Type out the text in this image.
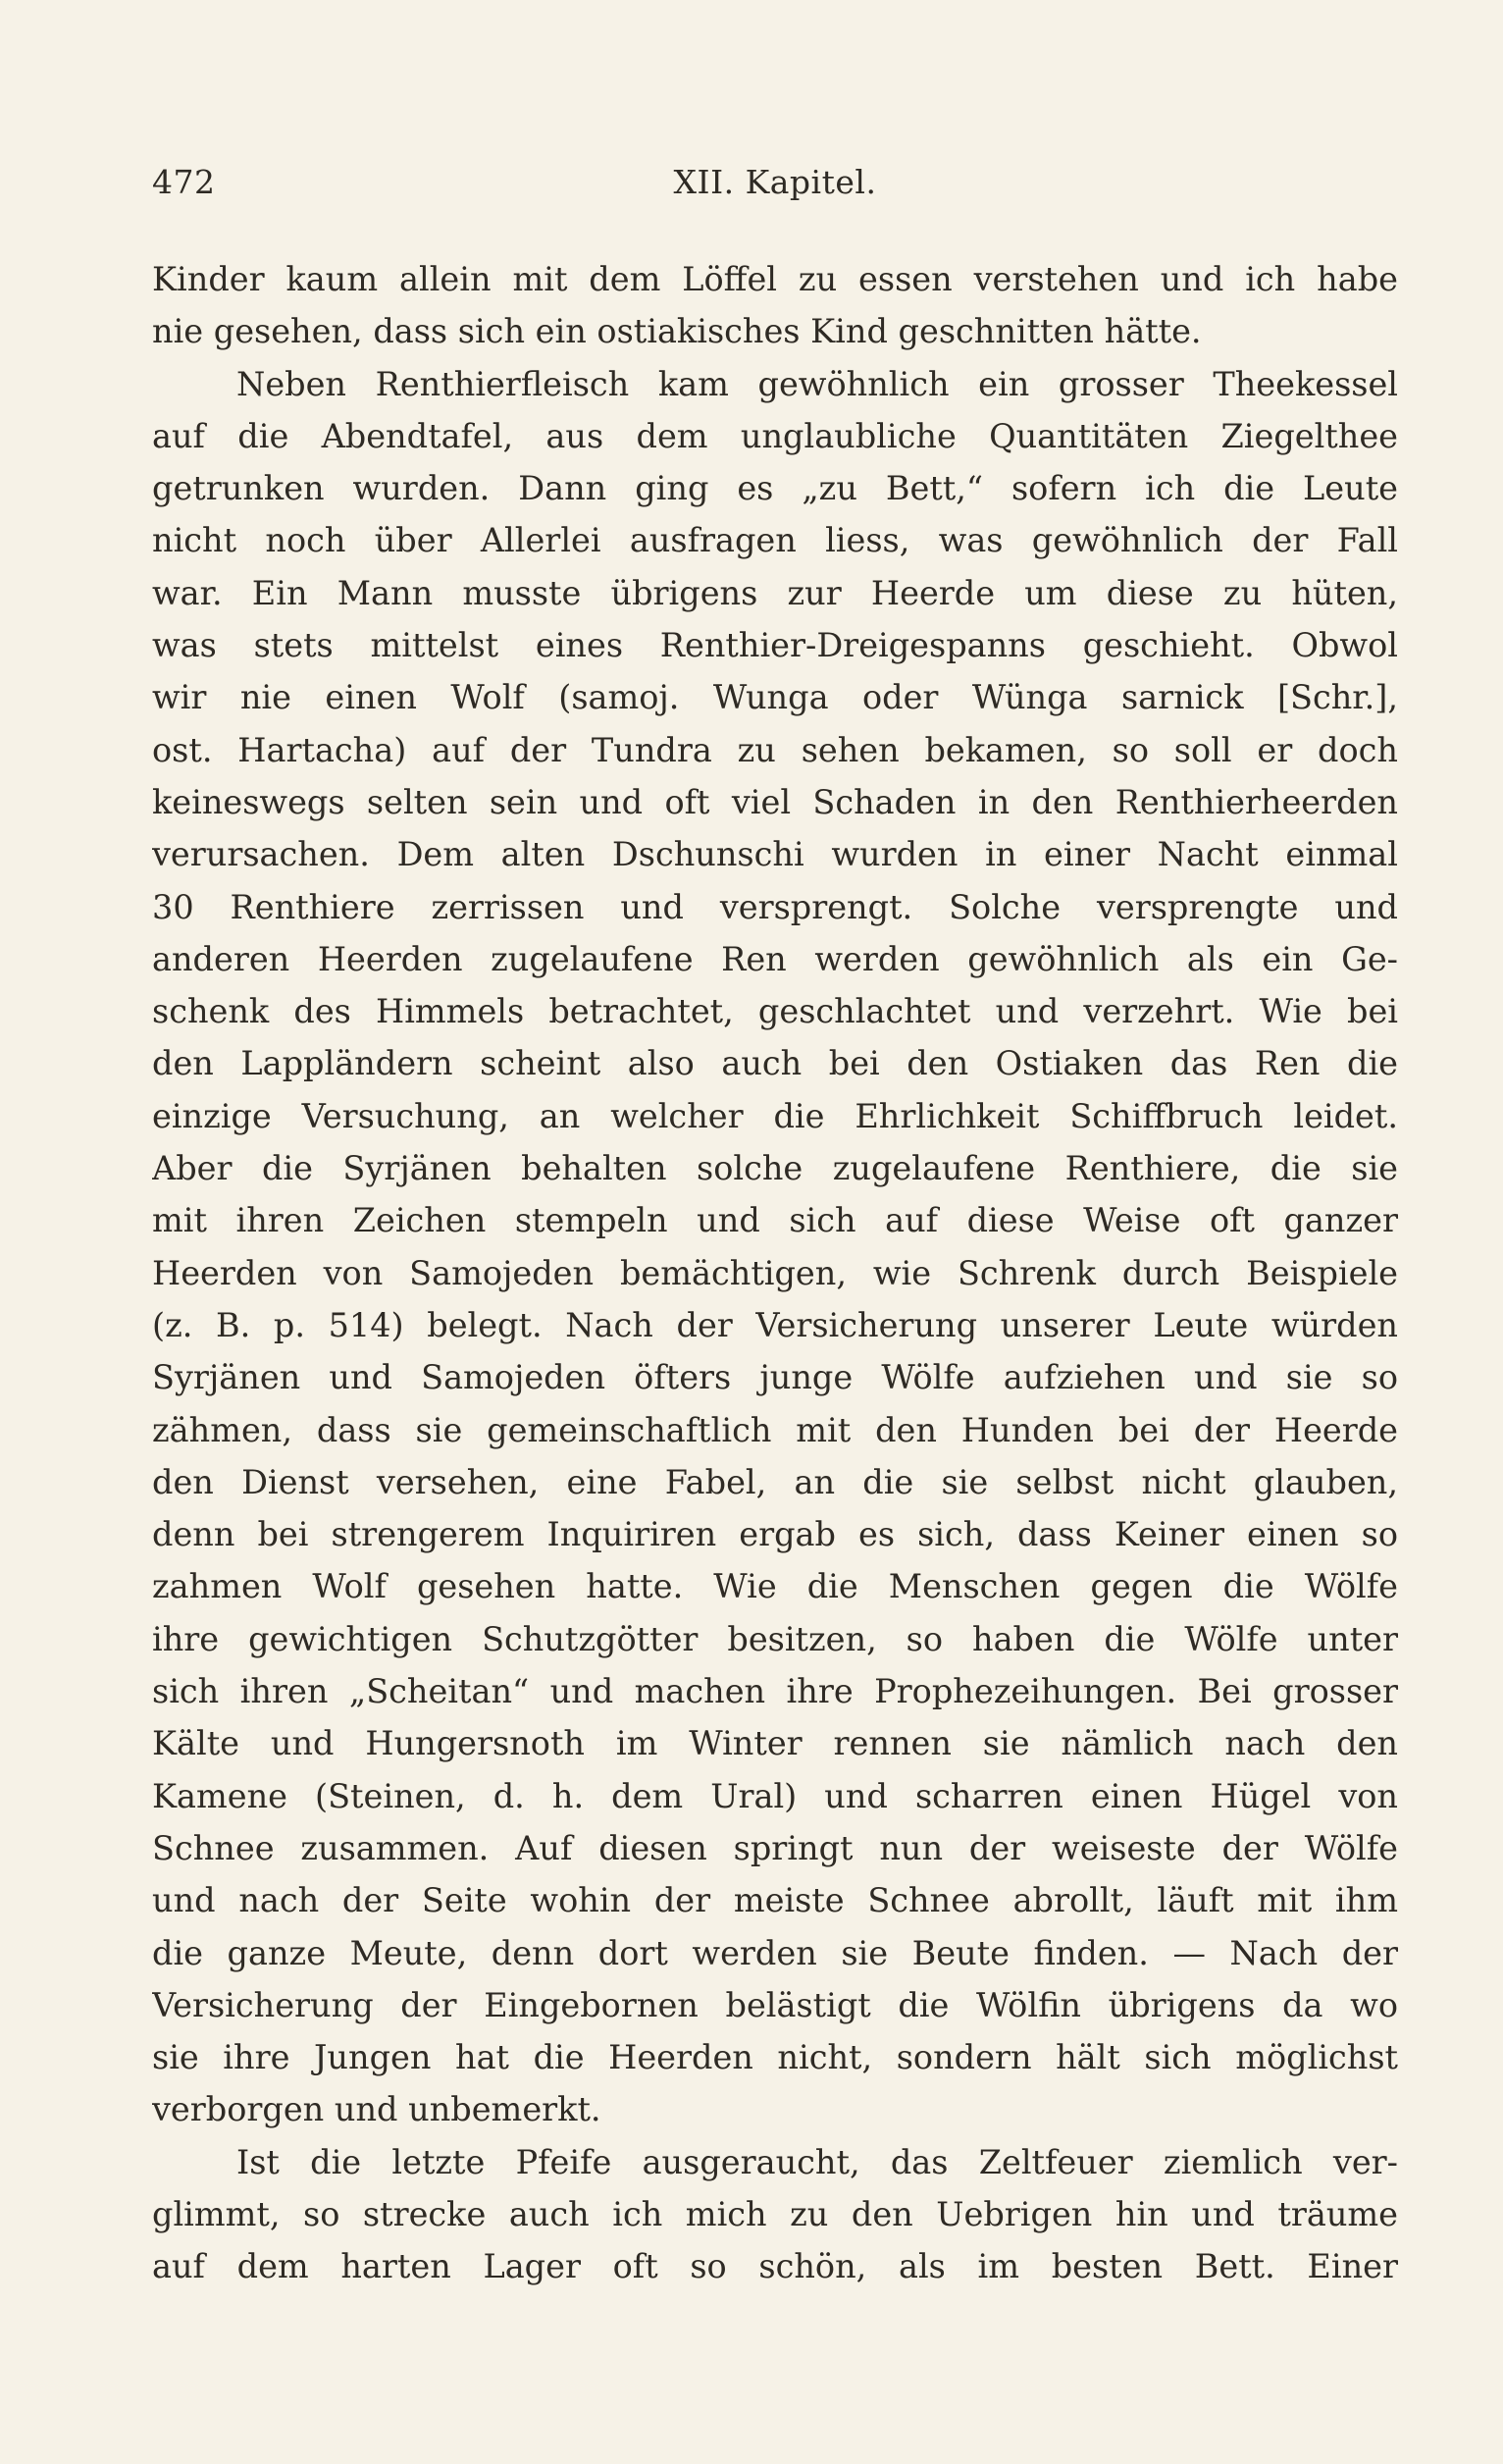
472	XII. Kapitel.
Kinder kaum allein mit dem Löffel zu essen verstehen und ich habe
nie gesehen, dass sich ein ostiakisches Kind geschnitten hätte.
Neben Renthierfleisch kam gewöhnlich ein grosser Theekessel
auf die Abendtafel, aus dem unglaubliche Quantitäten Ziegelthee
getrunken wurden. Dann ging es „zu Bett,“ sofern ich die Leute
nicht noch über Allerlei ausfragen liess, was gewöhnlich der Fall
war. Ein Mann musste übrigens zur Heerde um diese zu hüten,
was stets mittelst eines Renthier-Dreigespanns geschieht. Obwol
wir nie einen Wolf (samoj. Wunga oder Wünga sarnick [Schr.],
ost. Hartacha) auf der Tundra zu sehen bekamen, so soll er doch
keineswegs selten sein und oft viel Schaden in den Renthierheerden
verursachen. Dem alten Dschunschi wurden in einer Nacht einmal
30 Renthiere zerrissen und versprengt. Solche versprengte und
anderen Heerden zugelaufene Ren werden gewöhnlich als ein Ge-
schenk des Himmels betrachtet, geschlachtet und verzehrt. Wie bei
den Lappländern scheint also auch bei den Ostiaken das Ren die
einzige Versuchung, an welcher die Ehrlichkeit Schiffbruch leidet.
Aber die Syrjänen behalten solche zugelaufene Renthiere, die sie
mit ihren Zeichen stempeln und sich auf diese Weise oft ganzer
Heerden von Samojeden bemächtigen, wie Schrenk durch Beispiele
(z. B. p. 514) belegt. Nach der Versicherung unserer Leute würden
Syrjänen und Samojeden öfters junge Wölfe aufziehen und sie so
zähmen, dass sie gemeinschaftlich mit den Hunden bei der Heerde
den Dienst versehen, eine Fabel, an die sie selbst nicht glauben,
denn bei strengerem Inquiriren ergab es sich, dass Keiner einen so
zahmen Wolf gesehen hatte. Wie die Menschen gegen die Wölfe
ihre gewichtigen Schutzgötter besitzen, so haben die Wölfe unter
sich ihren „Scheitan“ und machen ihre Prophezeihungen. Bei grosser
Kälte und Hungersnoth im Winter rennen sie nämlich nach den
Kamene (Steinen, d. h. dem Ural) und scharren einen Hügel von
Schnee zusammen. Auf diesen springt nun der weiseste der Wölfe
und nach der Seite wohin der meiste Schnee abrollt, läuft mit ihm
die ganze Meute, denn dort werden sie Beute finden. — Nach der
Versicherung der Eingebornen belästigt die Wölfin übrigens da wo
sie ihre Jungen hat die Heerden nicht, sondern hält sich möglichst
verborgen und unbemerkt.
Ist die letzte Pfeife ausgeraucht, das Zeltfeuer ziemlich ver-
glimmt, so strecke auch ich mich zu den Uebrigen hin und träume
auf dem harten Lager oft so schön, als im besten Bett. Einer
